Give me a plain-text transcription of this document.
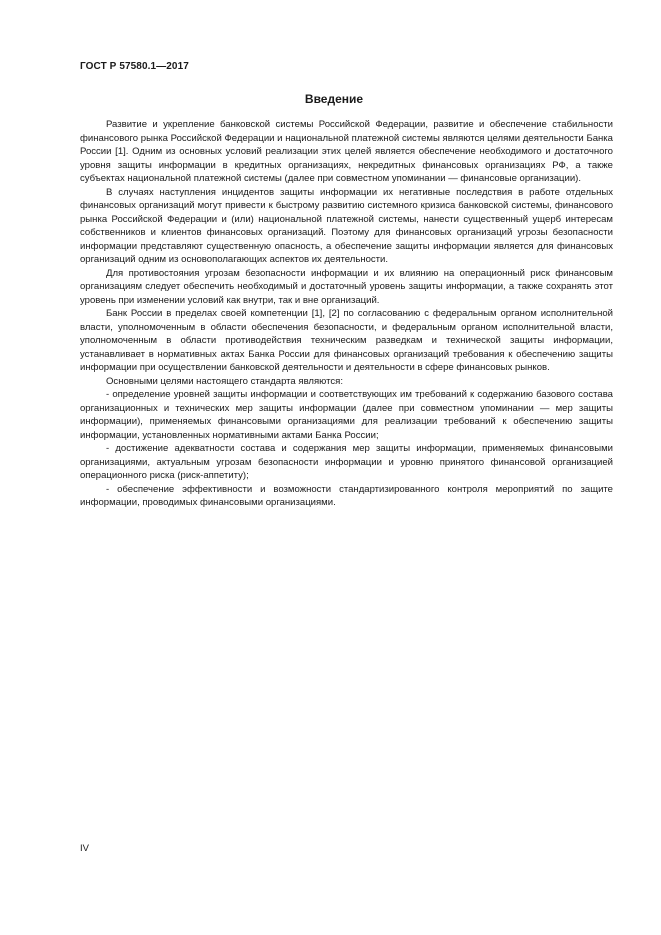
ГОСТ Р 57580.1—2017
Введение

Развитие и укрепление банковской системы Российской Федерации, развитие и обеспечение стабильности финансового рынка Российской Федерации и национальной платежной системы являются целями деятельности Банка России [1]. Одним из основных условий реализации этих целей является обеспечение необходимого и достаточного уровня защиты информации в кредитных организациях, некредитных финансовых организациях РФ, а также субъектах национальной платежной системы (далее при совместном упоминании — финансовые организации).

В случаях наступления инцидентов защиты информации их негативные последствия в работе отдельных финансовых организаций могут привести к быстрому развитию системного кризиса банковской системы, финансового рынка Российской Федерации и (или) национальной платежной системы, нанести существенный ущерб интересам собственников и клиентов финансовых организаций. Поэтому для финансовых организаций угрозы безопасности информации представляют существенную опасность, а обеспечение защиты информации является для финансовых организаций одним из основополагающих аспектов их деятельности.

Для противостояния угрозам безопасности информации и их влиянию на операционный риск финансовым организациям следует обеспечить необходимый и достаточный уровень защиты информации, а также сохранять этот уровень при изменении условий как внутри, так и вне организаций.

Банк России в пределах своей компетенции [1], [2] по согласованию с федеральным органом исполнительной власти, уполномоченным в области обеспечения безопасности, и федеральным органом исполнительной власти, уполномоченным в области противодействия техническим разведкам и технической защиты информации, устанавливает в нормативных актах Банка России для финансовых организаций требования к обеспечению защиты информации при осуществлении банковской деятельности и деятельности в сфере финансовых рынков.

Основными целями настоящего стандарта являются:

- определение уровней защиты информации и соответствующих им требований к содержанию базового состава организационных и технических мер защиты информации (далее при совместном упоминании — мер защиты информации), применяемых финансовыми организациями для реализации требований к обеспечению защиты информации, установленных нормативными актами Банка России;

- достижение адекватности состава и содержания мер защиты информации, применяемых финансовыми организациями, актуальным угрозам безопасности информации и уровню принятого финансовой организацией операционного риска (риск-аппетиту);

- обеспечение эффективности и возможности стандартизированного контроля мероприятий по защите информации, проводимых финансовыми организациями.

IV
